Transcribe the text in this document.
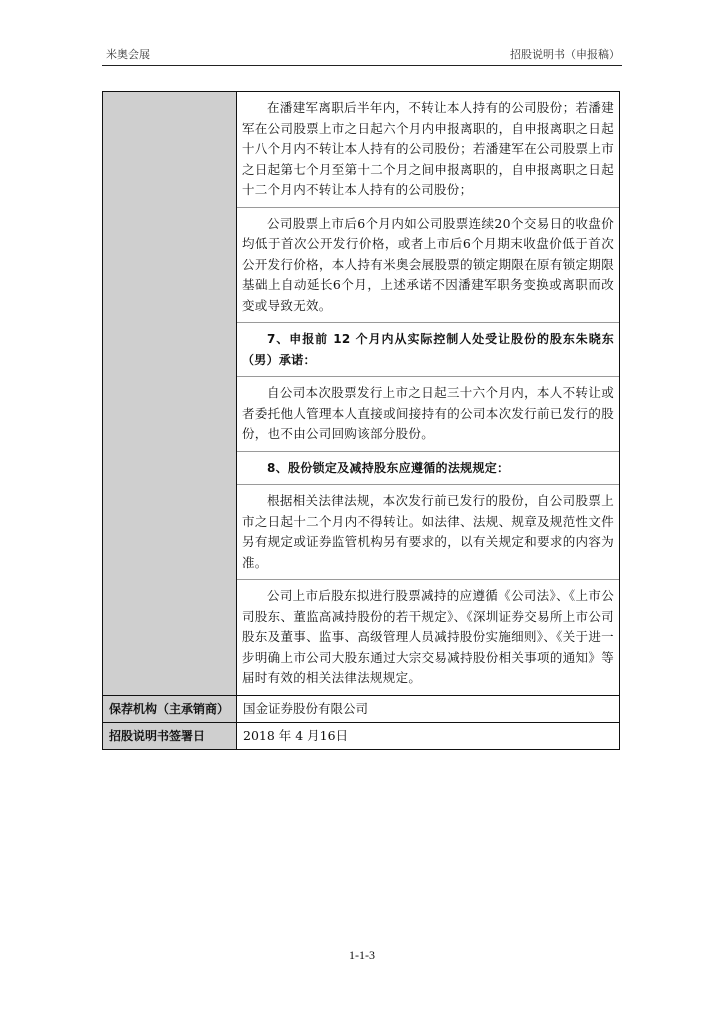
米奥会展	招股说明书（申报稿）
在潘建军离职后半年内，不转让本人持有的公司股份；若潘建军在公司股票上市之日起六个月内申报离职的，自申报离职之日起十八个月内不转让本人持有的公司股份；若潘建军在公司股票上市之日起第七个月至第十二个月之间申报离职的，自申报离职之日起十二个月内不转让本人持有的公司股份；
公司股票上市后6个月内如公司股票连续20个交易日的收盘价均低于首次公开发行价格，或者上市后6个月期末收盘价低于首次公开发行价格，本人持有米奥会展股票的锁定期限在原有锁定期限基础上自动延长6个月，上述承诺不因潘建军职务变换或离职而改变或导致无效。
7、申报前 12 个月内从实际控制人处受让股份的股东朱晓东（男）承诺：
自公司本次股票发行上市之日起三十六个月内，本人不转让或者委托他人管理本人直接或间接持有的公司本次发行前已发行的股份，也不由公司回购该部分股份。
8、股份锁定及减持股东应遵循的法规规定：
根据相关法律法规，本次发行前已发行的股份，自公司股票上市之日起十二个月内不得转让。如法律、法规、规章及规范性文件另有规定或证券监管机构另有要求的，以有关规定和要求的内容为准。
公司上市后股东拟进行股票减持的应遵循《公司法》、《上市公司股东、董监高减持股份的若干规定》、《深圳证券交易所上市公司股东及董事、监事、高级管理人员减持股份实施细则》、《关于进一步明确上市公司大股东通过大宗交易减持股份相关事项的通知》等届时有效的相关法律法规规定。
保荐机构（主承销商）	国金证券股份有限公司
招股说明书签署日	2018 年 4 月16日
1-1-3
